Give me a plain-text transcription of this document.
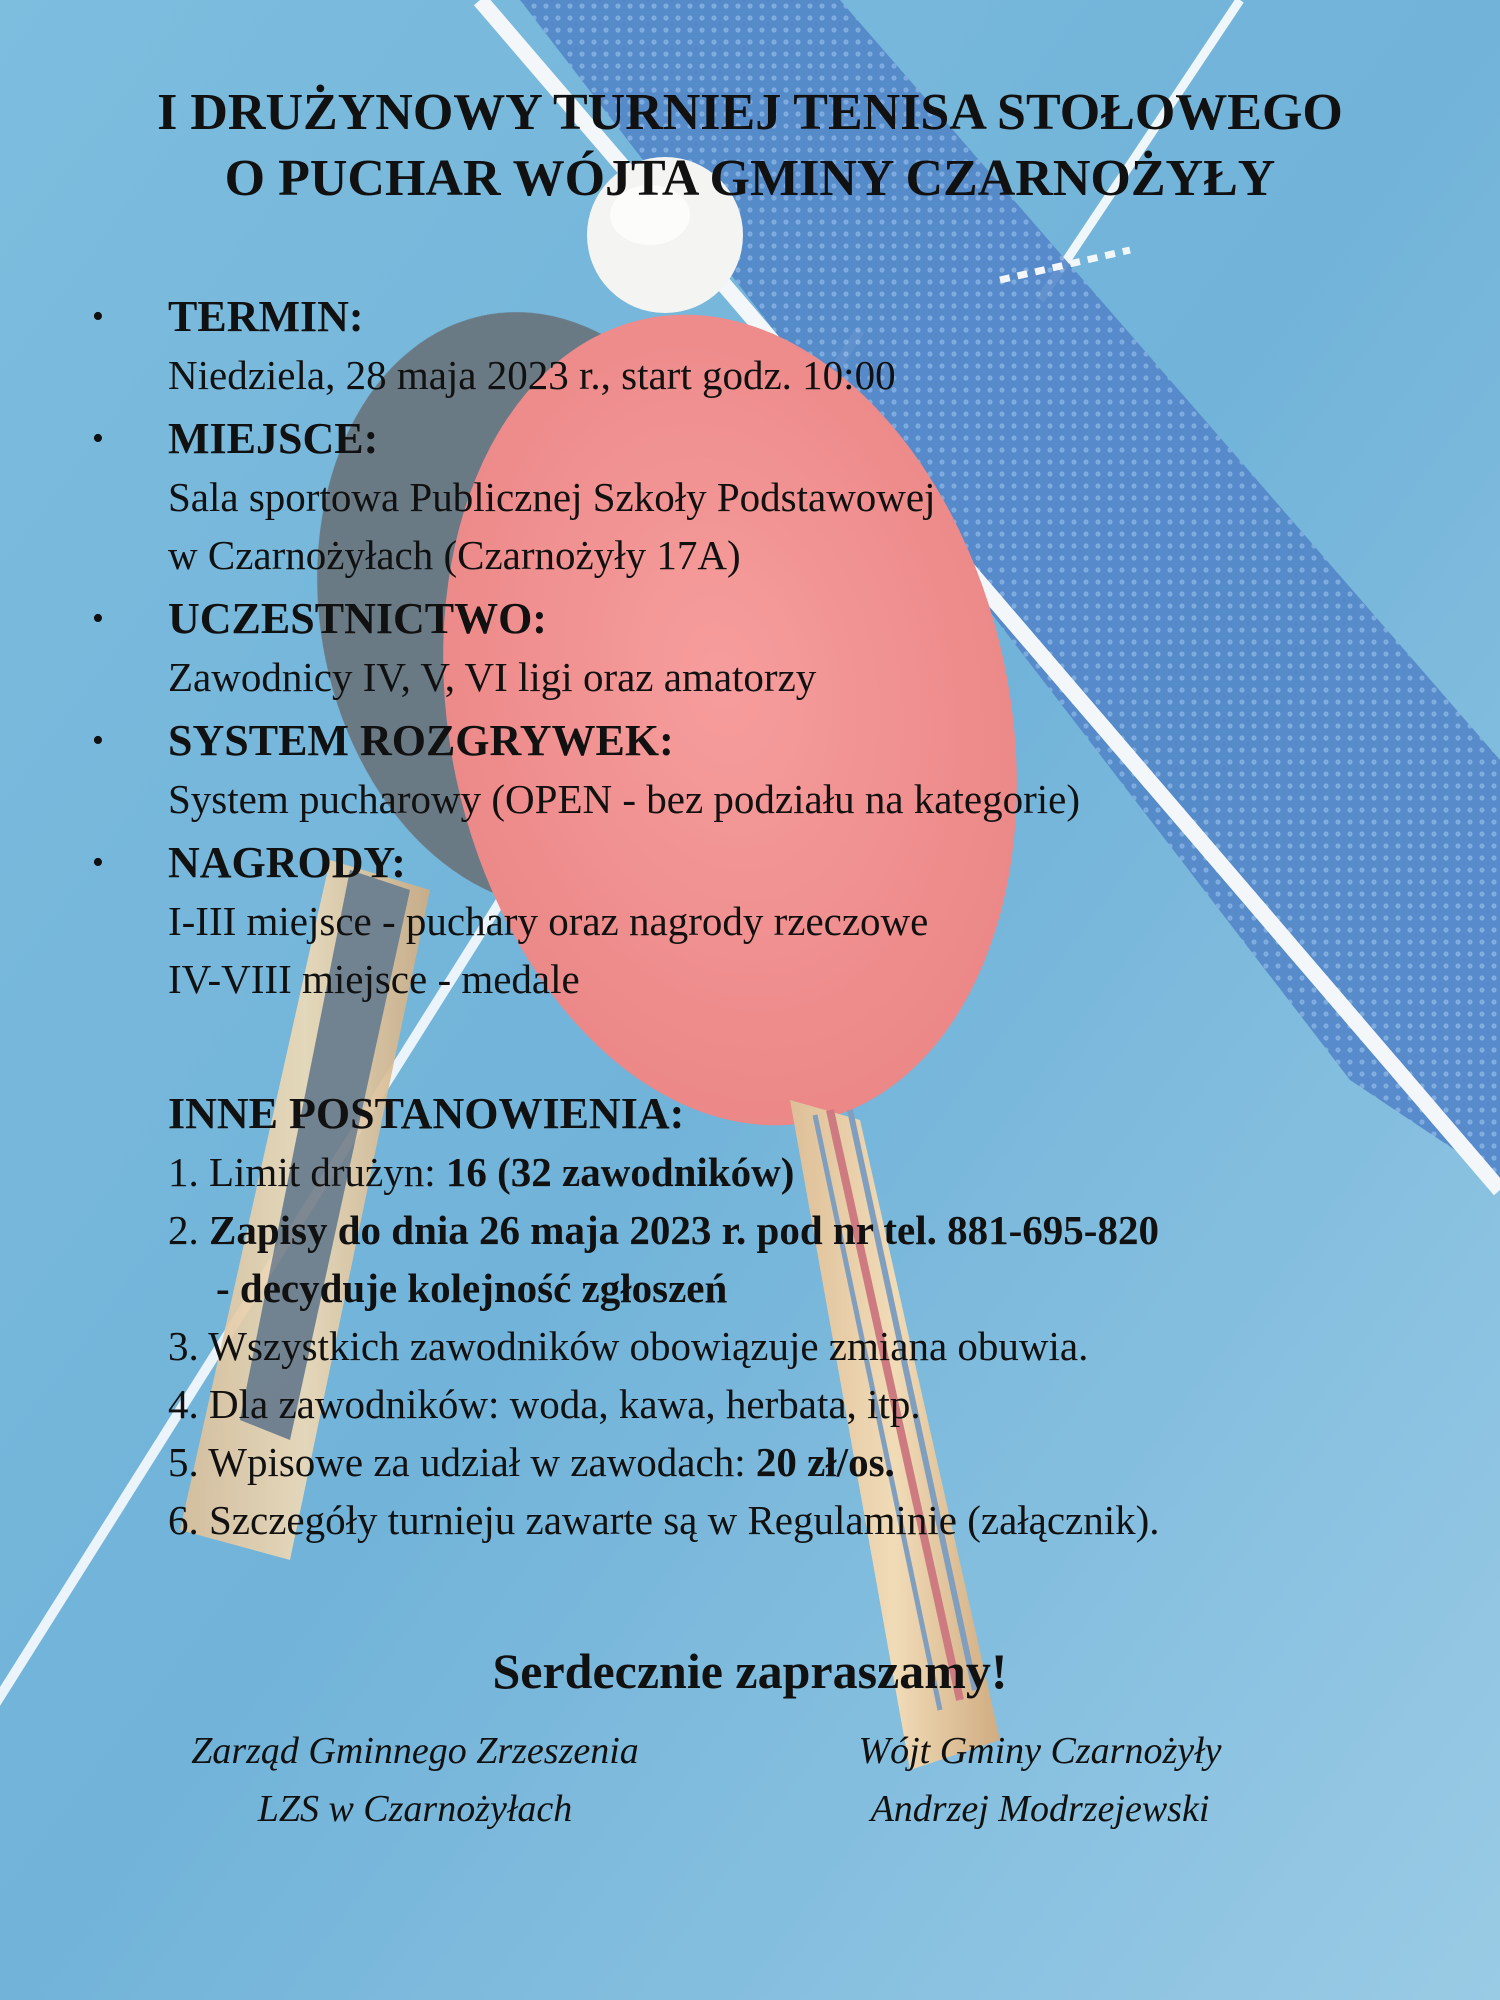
I DRUŻYNOWY TURNIEJ TENISA STOŁOWEGO
O PUCHAR WÓJTA GMINY CZARNOŻYŁY
• TERMIN:
Niedziela, 28 maja 2023 r., start godz. 10:00
• MIEJSCE:
Sala sportowa Publicznej Szkoły Podstawowej
w Czarnożyłach (Czarnożyły 17A)
• UCZESTNICTWO:
Zawodnicy IV, V, VI ligi oraz amatorzy
• SYSTEM ROZGRYWEK:
System pucharowy (OPEN - bez podziału na kategorie)
• NAGRODY:
I-III miejsce - puchary oraz nagrody rzeczowe
IV-VIII miejsce - medale
INNE POSTANOWIENIA:
1. Limit drużyn: 16 (32 zawodników)
2. Zapisy do dnia 26 maja 2023 r. pod nr tel. 881-695-820
- decyduje kolejność zgłoszeń
3. Wszystkich zawodników obowiązuje zmiana obuwia.
4. Dla zawodników: woda, kawa, herbata, itp.
5. Wpisowe za udział w zawodach: 20 zł/os.
6. Szczegóły turnieju zawarte są w Regulaminie (załącznik).
Serdecznie zapraszamy!
Zarząd Gminnego Zrzeszenia
LZS w Czarnożyłach
Wójt Gminy Czarnożyły
Andrzej Modrzejewski
